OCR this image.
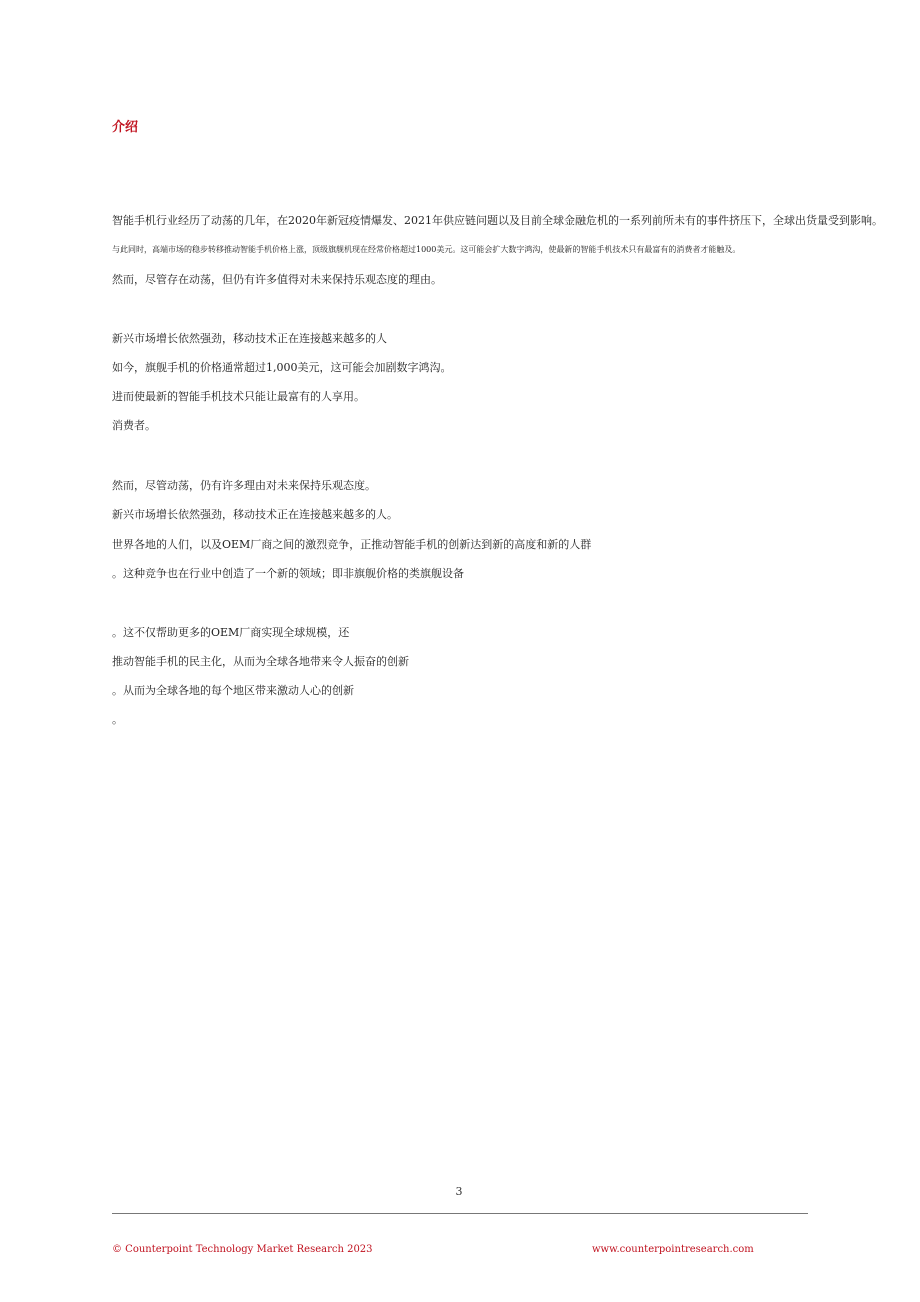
介绍

智能手机行业经历了动荡的几年，在2020年新冠疫情爆发、2021年供应链问题以及目前全球金融危机的一系列前所未有的事件挤压下，全球出货量受到影响。

与此同时，高端市场的稳步转移推动智能手机价格上涨，顶级旗舰机现在经常价格超过1000美元。这可能会扩大数字鸿沟，使最新的智能手机技术只有最富有的消费者才能触及。

然而，尽管存在动荡，但仍有许多值得对未来保持乐观态度的理由。

新兴市场增长依然强劲，移动技术正在连接越来越多的人

如今，旗舰手机的价格通常超过1,000美元，这可能会加剧数字鸿沟。

进而使最新的智能手机技术只能让最富有的人享用。

消费者。

然而，尽管动荡，仍有许多理由对未来保持乐观态度。

新兴市场增长依然强劲，移动技术正在连接越来越多的人。

世界各地的人们，以及OEM厂商之间的激烈竞争，正推动智能手机的创新达到新的高度和新的人群

。这种竞争也在行业中创造了一个新的领域；即非旗舰价格的类旗舰设备

。这不仅帮助更多的OEM厂商实现全球规模，还

推动智能手机的民主化，从而为全球各地带来令人振奋的创新

。从而为全球各地的每个地区带来激动人心的创新

。

3
© Counterpoint Technology Market Research 2023	www.counterpointresearch.com
